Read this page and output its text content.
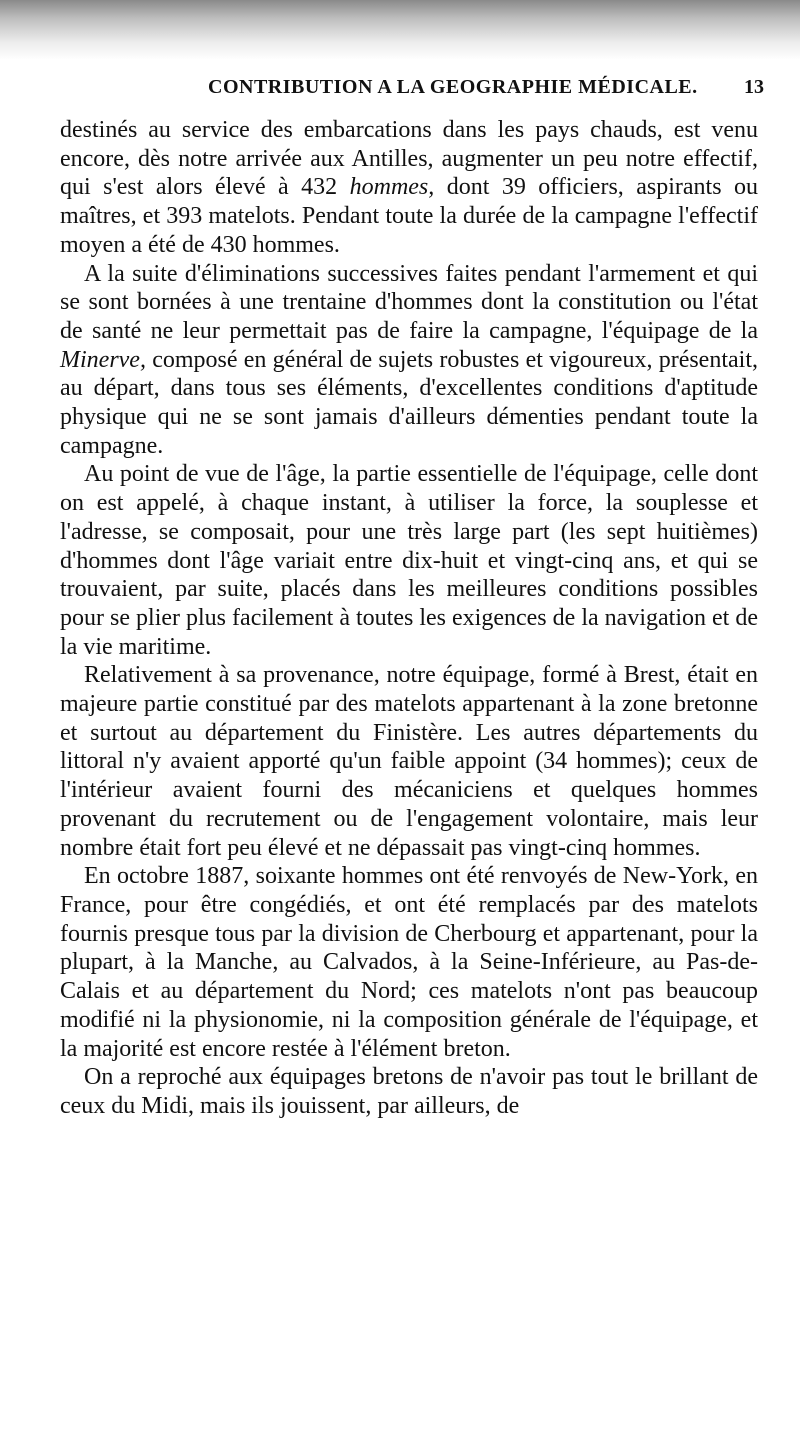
CONTRIBUTION A LA GEOGRAPHIE MÉDICALE. 13

destinés au service des embarcations dans les pays chauds, est venu encore, dès notre arrivée aux Antilles, augmenter un peu notre effectif, qui s'est alors élevé à 432 hommes, dont 39 officiers, aspirants ou maîtres, et 393 matelots. Pendant toute la durée de la campagne l'effectif moyen a été de 430 hommes.

A la suite d'éliminations successives faites pendant l'armement et qui se sont bornées à une trentaine d'hommes dont la constitution ou l'état de santé ne leur permettait pas de faire la campagne, l'équipage de la Minerve, composé en général de sujets robustes et vigoureux, présentait, au départ, dans tous ses éléments, d'excellentes conditions d'aptitude physique qui ne se sont jamais d'ailleurs démenties pendant toute la campagne.

Au point de vue de l'âge, la partie essentielle de l'équipage, celle dont on est appelé, à chaque instant, à utiliser la force, la souplesse et l'adresse, se composait, pour une très large part (les sept huitièmes) d'hommes dont l'âge variait entre dix-huit et vingt-cinq ans, et qui se trouvaient, par suite, placés dans les meilleures conditions possibles pour se plier plus facilement à toutes les exigences de la navigation et de la vie maritime.

Relativement à sa provenance, notre équipage, formé à Brest, était en majeure partie constitué par des matelots appartenant à la zone bretonne et surtout au département du Finistère. Les autres départements du littoral n'y avaient apporté qu'un faible appoint (34 hommes); ceux de l'intérieur avaient fourni des mécaniciens et quelques hommes provenant du recrutement ou de l'engagement volontaire, mais leur nombre était fort peu élevé et ne dépassait pas vingt-cinq hommes.

En octobre 1887, soixante hommes ont été renvoyés de New-York, en France, pour être congédiés, et ont été remplacés par des matelots fournis presque tous par la division de Cherbourg et appartenant, pour la plupart, à la Manche, au Calvados, à la Seine-Inférieure, au Pas-de-Calais et au département du Nord; ces matelots n'ont pas beaucoup modifié ni la physionomie, ni la composition générale de l'équipage, et la majorité est encore restée à l'élément breton.

On a reproché aux équipages bretons de n'avoir pas tout le brillant de ceux du Midi, mais ils jouissent, par ailleurs, de
